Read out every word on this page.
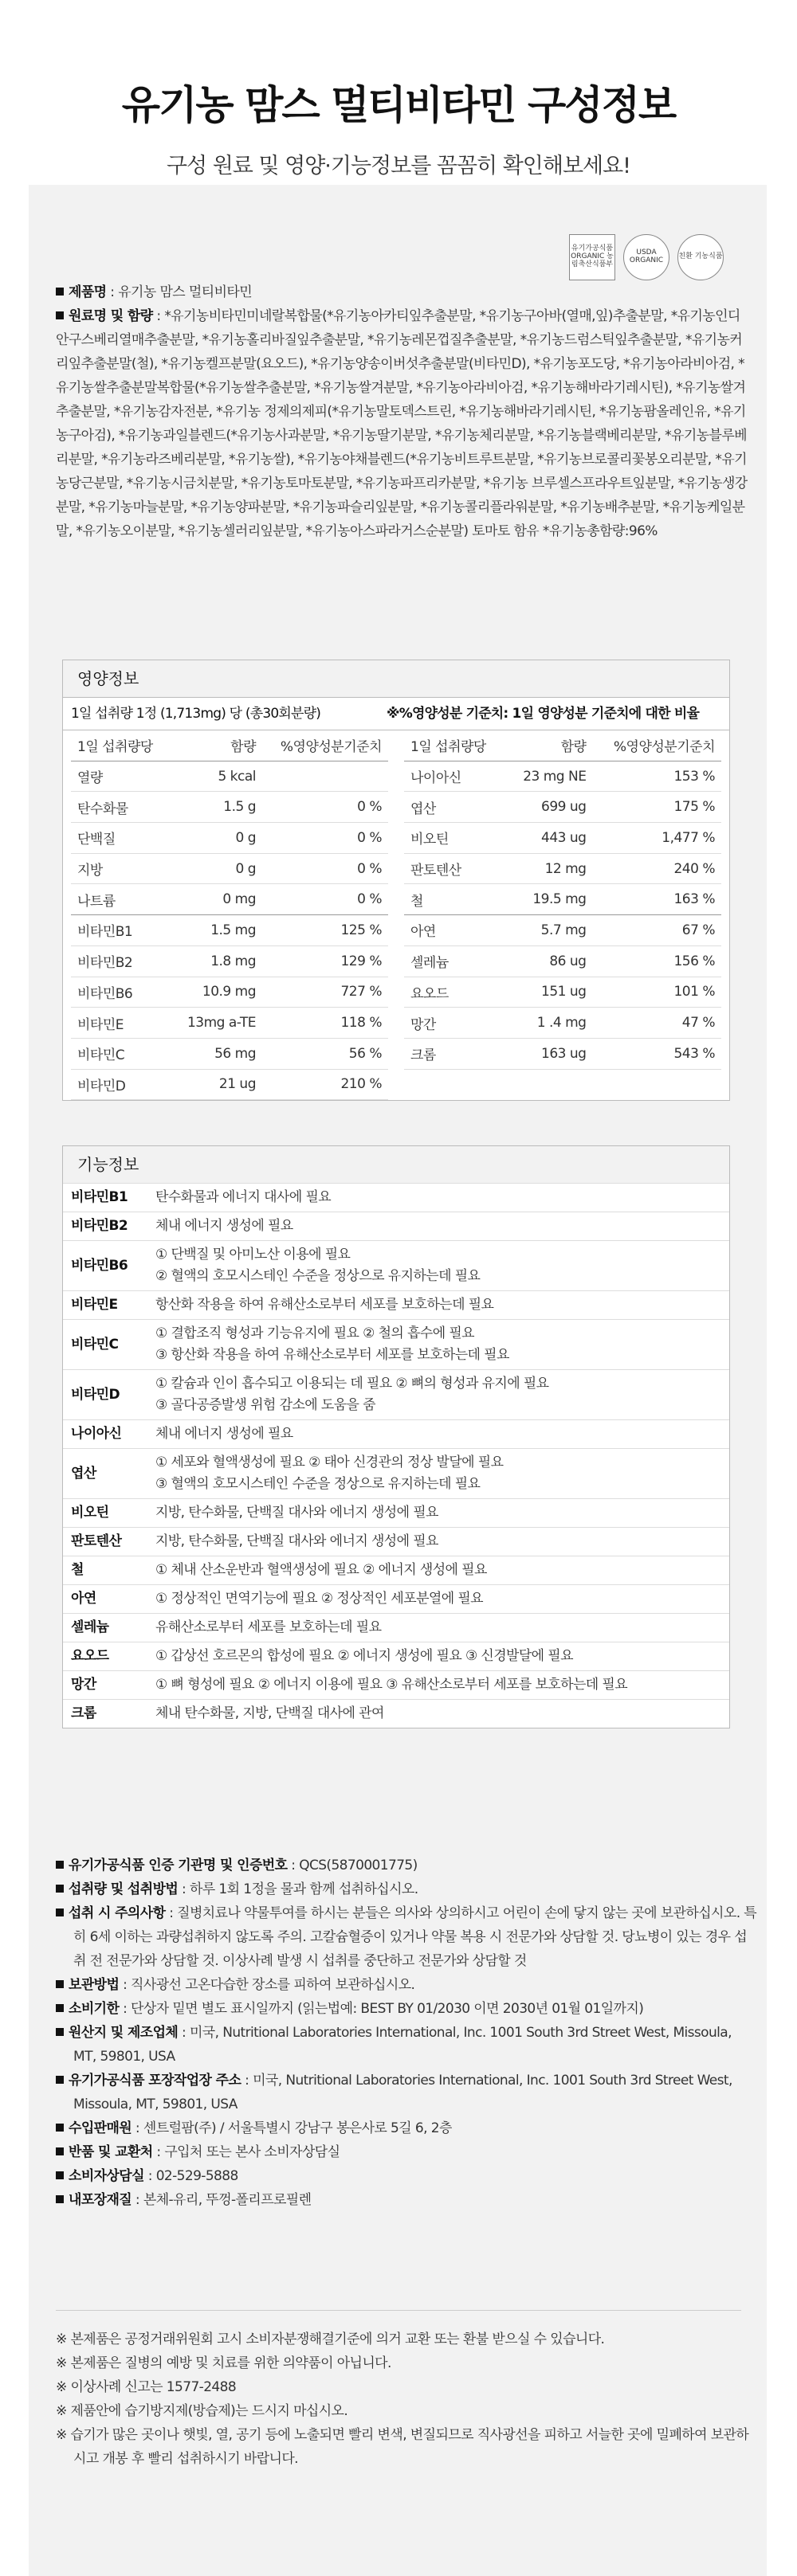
유기농 맘스 멀티비타민 구성정보
구성 원료 및 영양·기능정보를 꼼꼼히 확인해보세요!
유기가공식품 ORGANIC 농림축산식품부
USDA ORGANIC	친환 기농식품
제품명 : 유기농 맘스 멀티비타민
원료명 및 함량 : *유기농비타민미네랄복합물(*유기농아카티잎추출분말, *유기농구아바(열매,잎)추출분말, *유기농인디안구스베리열매추출분말, *유기농홀리바질잎추출분말, *유기농레몬껍질추출분말, *유기농드럼스틱잎추출분말, *유기농커리잎추출분말(철), *유기농켈프분말(요오드), *유기농양송이버섯추출분말(비타민D), *유기농포도당, *유기농아라비아검, *유기농쌀추출분말복합물(*유기농쌀추출분말, *유기농쌀겨분말, *유기농아라비아검, *유기농해바라기레시틴), *유기농쌀겨추출분말, *유기농감자전분, *유기농 정제의제피(*유기농말토덱스트린, *유기농해바라기레시틴, *유기농팜올레인유, *유기농구아검), *유기농과일블렌드(*유기농사과분말, *유기농딸기분말, *유기농체리분말, *유기농블랙베리분말, *유기농블루베리분말, *유기농라즈베리분말, *유기농쌀), *유기농야채블렌드(*유기농비트루트분말, *유기농브로콜리꽃봉오리분말, *유기농당근분말, *유기농시금치분말, *유기농토마토분말, *유기농파프리카분말, *유기농 브루셀스프라우트잎분말, *유기농생강분말, *유기농마늘분말, *유기농양파분말, *유기농파슬리잎분말, *유기농콜리플라워분말, *유기농배추분말, *유기농케일분말, *유기농오이분말, *유기농셀러리잎분말, *유기농아스파라거스순분말) 토마토 함유 *유기농총함량:96%
영양정보
1일 섭취량 1정 (1,713mg) 당 (총30회분량)	※%영양성분 기준치: 1일 영양성분 기준치에 대한 비율
1일 섭취량당	함량	%영양성분기준치
열량	5 kcal	
탄수화물	1.5 g	0 %
단백질	0 g	0 %
지방	0 g	0 %
나트륨	0 mg	0 %
비타민B1	1.5 mg	125 %
비타민B2	1.8 mg	129 %
비타민B6	10.9 mg	727 %
비타민E	13mg a-TE	118 %
비타민C	56 mg	56 %
비타민D	21 ug	210 %
1일 섭취량당	함량	%영양성분기준치
나이아신	23 mg NE	153 %
엽산	699 ug	175 %
비오틴	443 ug	1,477 %
판토텐산	12 mg	240 %
철	19.5 mg	163 %
아연	5.7 mg	67 %
셀레늄	86 ug	156 %
요오드	151 ug	101 %
망간	1 .4 mg	47 %
크롬	163 ug	543 %
기능정보
비타민B1	탄수화물과 에너지 대사에 필요

비타민B2	체내 에너지 생성에 필요

비타민B6	① 단백질 및 아미노산 이용에 필요
② 혈액의 호모시스테인 수준을 정상으로 유지하는데 필요

비타민E	항산화 작용을 하여 유해산소로부터 세포를 보호하는데 필요

비타민C	① 결합조직 형성과 기능유지에 필요 ② 철의 흡수에 필요
③ 항산화 작용을 하여 유해산소로부터 세포를 보호하는데 필요

비타민D	① 칼슘과 인이 흡수되고 이용되는 데 필요 ② 뼈의 형성과 유지에 필요
③ 골다공증발생 위험 감소에 도움을 줌

나이아신	체내 에너지 생성에 필요

엽산	① 세포와 혈액생성에 필요 ② 태아 신경관의 정상 발달에 필요
③ 혈액의 호모시스테인 수준을 정상으로 유지하는데 필요

비오틴	지방, 탄수화물, 단백질 대사와 에너지 생성에 필요

판토텐산	지방, 탄수화물, 단백질 대사와 에너지 생성에 필요

철	① 체내 산소운반과 혈액생성에 필요 ② 에너지 생성에 필요

아연	① 정상적인 면역기능에 필요 ② 정상적인 세포분열에 필요

셀레늄	유해산소로부터 세포를 보호하는데 필요

요오드	① 갑상선 호르몬의 합성에 필요 ② 에너지 생성에 필요 ③ 신경발달에 필요

망간	① 뼈 형성에 필요 ② 에너지 이용에 필요 ③ 유해산소로부터 세포를 보호하는데 필요

크롬	체내 탄수화물, 지방, 단백질 대사에 관여
유기가공식품 인증 기관명 및 인증번호 : QCS(5870001775)
섭취량 및 섭취방법 : 하루 1회 1정을 물과 함께 섭취하십시오.
섭취 시 주의사항 : 질병치료나 약물투여를 하시는 분들은 의사와 상의하시고 어린이 손에 닿지 않는 곳에 보관하십시오. 특히 6세 이하는 과량섭취하지 않도록 주의. 고칼슘혈증이 있거나 약물 복용 시 전문가와 상담할 것. 당뇨병이 있는 경우 섭취 전 전문가와 상담할 것. 이상사례 발생 시 섭취를 중단하고 전문가와 상담할 것
보관방법 : 직사광선 고온다습한 장소를 피하여 보관하십시오.
소비기한 : 단상자 밑면 별도 표시일까지 (읽는법예: BEST BY 01/2030 이면 2030년 01월 01일까지)
원산지 및 제조업체 : 미국, Nutritional Laboratories International, Inc. 1001 South 3rd Street West, Missoula, MT, 59801, USA
유기가공식품 포장작업장 주소 : 미국, Nutritional Laboratories International, Inc. 1001 South 3rd Street West, Missoula, MT, 59801, USA
수입판매원 : 센트럴팜(주) / 서울특별시 강남구 봉은사로 5길 6, 2층
반품 및 교환처 : 구입처 또는 본사 소비자상담실
소비자상담실 : 02-529-5888
내포장재질 : 본체-유리, 뚜껑-폴리프로필렌
※ 본제품은 공정거래위원회 고시 소비자분쟁해결기준에 의거 교환 또는 환불 받으실 수 있습니다.
※ 본제품은 질병의 예방 및 치료를 위한 의약품이 아닙니다.
※ 이상사례 신고는 1577-2488
※ 제품안에 습기방지제(방습제)는 드시지 마십시오.
※ 습기가 많은 곳이나 햇빛, 열, 공기 등에 노출되면 빨리 변색, 변질되므로 직사광선을 피하고 서늘한 곳에 밀폐하여 보관하시고 개봉 후 빨리 섭취하시기 바랍니다.
